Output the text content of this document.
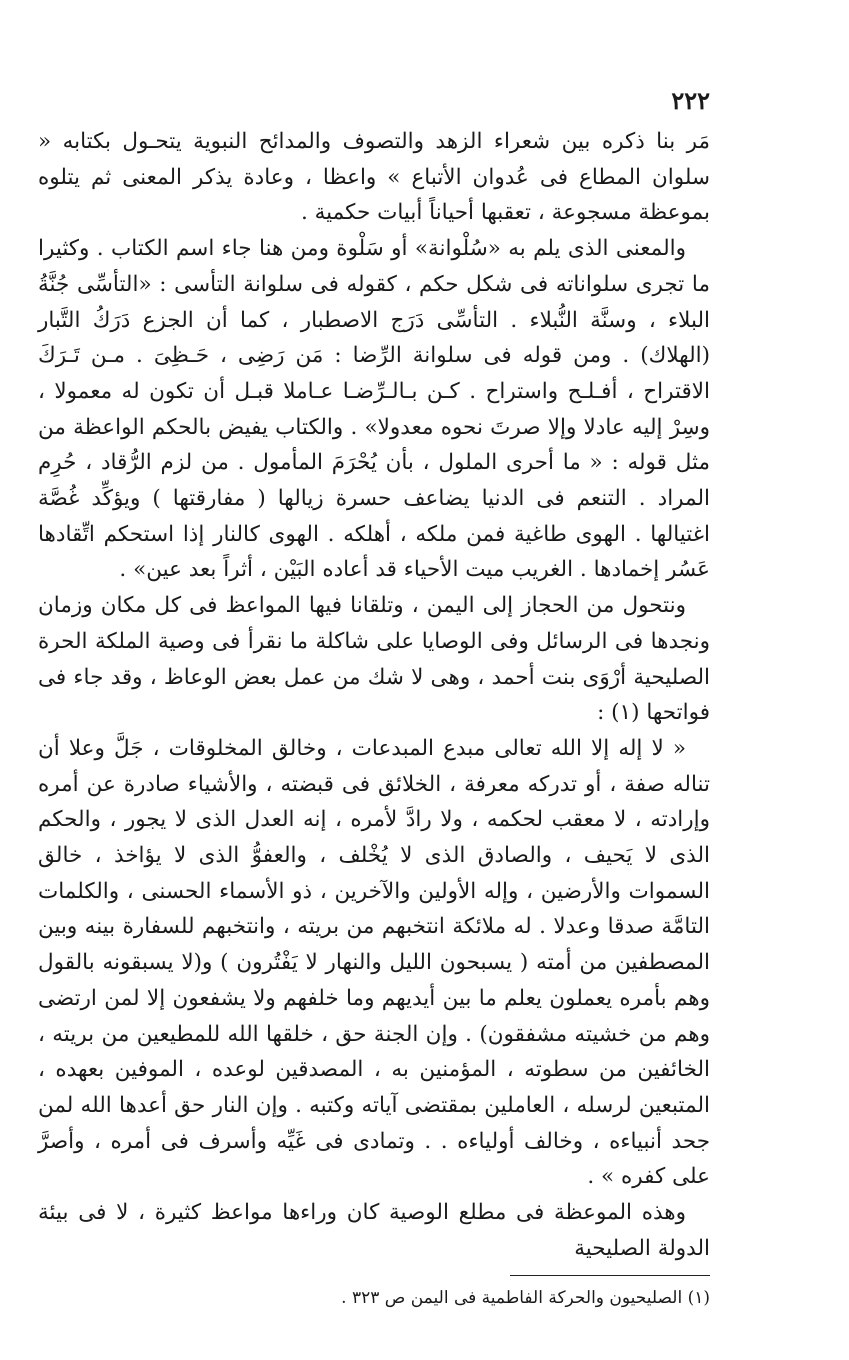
٢٢٢

مَر بنا ذكره بين شعراء الزهد والتصوف والمدائح النبوية يتحـول بكتابه « سلوان المطاع فى عُدوان الأتباع » واعظا ، وعادة يذكر المعنى ثم يتلوه بموعظة مسجوعة ، تعقبها أحياناً أبيات حكمية .

والمعنى الذى يلم به «سُلْوانة» أو سَلْوة ومن هنا جاء اسم الكتاب . وكثيرا ما تجرى سلواناته فى شكل حكم ، كقوله فى سلوانة التأسى : «التأسِّى جُنَّةُ البلاء ، وسنَّة النُّبلاء . التأسِّى دَرَج الاصطبار ، كما أن الجزع دَرَكُ التَّبار (الهلاك) . ومن قوله فى سلوانة الرِّضا : مَن رَضِى ، حَـظِىَ . مـن تَـرَكَ الاقتراح ، أفـلـح واستراح . كـن بـالـرِّضـا عـاملا قبـل أن تكون له معمولا ، وسِرْ إليه عادلا وإلا صرتَ نحوه معدولا» . والكتاب يفيض بالحكم الواعظة من مثل قوله : « ما أحرى الملول ، بأن يُحْرَمَ المأمول . من لزم الرُّقاد ، حُرِم المراد . التنعم فى الدنيا يضاعف حسرة زيالها ( مفارقتها ) ويؤكِّد غُصَّة اغتيالها . الهوى طاغية فمن ملكه ، أهلكه . الهوى كالنار إذا استحكم اتِّقادها عَسُر إخمادها . الغريب ميت الأحياء قد أعاده البَيْن ، أثراً بعد عين» .

ونتحول من الحجاز إلى اليمن ، وتلقانا فيها المواعظ فى كل مكان وزمان ونجدها فى الرسائل وفى الوصايا على شاكلة ما نقرأ فى وصية الملكة الحرة الصليحية أرْوَى بنت أحمد ، وهى لا شك من عمل بعض الوعاظ ، وقد جاء فى فواتحها (١) :

« لا إله إلا الله تعالى مبدع المبدعات ، وخالق المخلوقات ، جَلَّ وعلا أن تناله صفة ، أو تدركه معرفة ، الخلائق فى قبضته ، والأشياء صادرة عن أمره وإرادته ، لا معقب لحكمه ، ولا رادَّ لأمره ، إنه العدل الذى لا يجور ، والحكم الذى لا يَحيف ، والصادق الذى لا يُخْلف ، والعفوُّ الذى لا يؤاخذ ، خالق السموات والأرضين ، وإله الأولين والآخرين ، ذو الأسماء الحسنى ، والكلمات التامَّة صدقا وعدلا . له ملائكة انتخبهم من بريته ، وانتخبهم للسفارة بينه وبين المصطفين من أمته ( يسبحون الليل والنهار لا يَفْتُرون ) و(لا يسبقونه بالقول وهم بأمره يعملون يعلم ما بين أيديهم وما خلفهم ولا يشفعون إلا لمن ارتضى وهم من خشيته مشفقون) . وإن الجنة حق ، خلقها الله للمطيعين من بريته ، الخائفين من سطوته ، المؤمنين به ، المصدقين لوعده ، الموفين بعهده ، المتبعين لرسله ، العاملين بمقتضى آياته وكتبه . وإن النار حق أعدها الله لمن جحد أنبياءه ، وخالف أولياءه . . وتمادى فى غَيِّه وأسرف فى أمره ، وأصرَّ على كفره » .

وهذه الموعظة فى مطلع الوصية كان وراءها مواعظ كثيرة ، لا فى بيئة الدولة الصليحية

(١) الصليحيون والحركة الفاطمية فى اليمن ص ٣٢٣ .
